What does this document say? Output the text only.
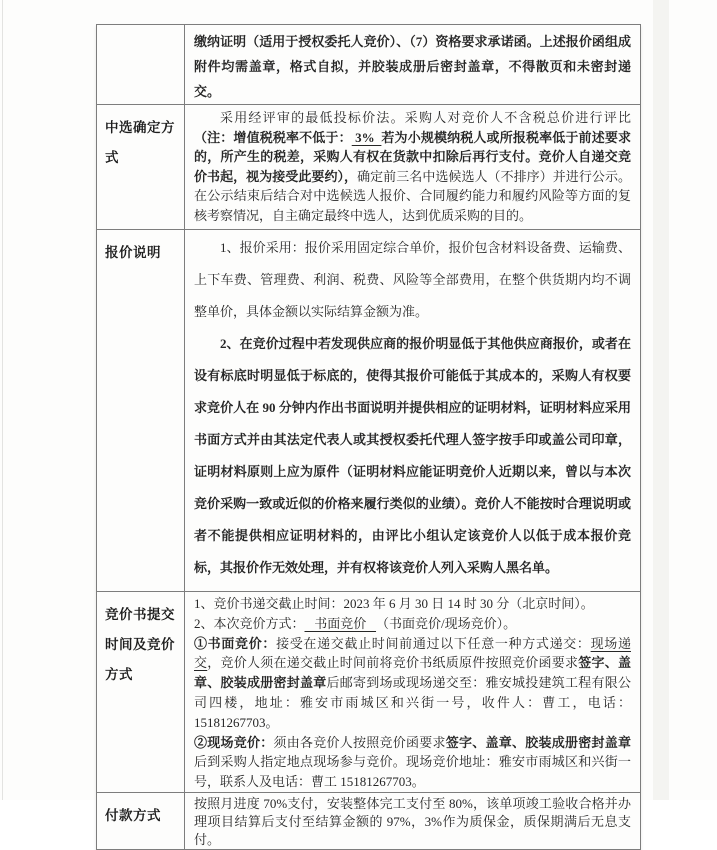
	缴纳证明（适用于授权委托人竞价）、（7）资格要求承诺函。上述报价函组成附件均需盖章，格式自拟，并胶装成册后密封盖章，不得散页和未密封递交。

中选确定方式	采用经评审的最低投标价法。采购人对竞价人不含税总价进行评比（注：增值税税率不低于： 3%  若为小规模纳税人或所报税率低于前述要求的，所产生的税差，采购人有权在货款中扣除后再行支付。竞价人自递交竞价书起，视为接受此要约），确定前三名中选候选人（不排序）并进行公示。在公示结束后结合对中选候选人报价、合同履约能力和履约风险等方面的复核考察情况，自主确定最终中选人，达到优质采购的目的。

报价说明	1、报价采用：报价采用固定综合单价，报价包含材料设备费、运输费、上下车费、管理费、利润、税费、风险等全部费用，在整个供货期内均不调整单价，具体金额以实际结算金额为准。
2、在竞价过程中若发现供应商的报价明显低于其他供应商报价，或者在设有标底时明显低于标底的，使得其报价可能低于其成本的，采购人有权要求竞价人在 90 分钟内作出书面说明并提供相应的证明材料，证明材料应采用书面方式并由其法定代表人或其授权委托代理人签字按手印或盖公司印章，证明材料原则上应为原件（证明材料应能证明竞价人近期以来，曾以与本次竞价采购一致或近似的价格来履行类似的业绩）。竞价人不能按时合理说明或者不能提供相应证明材料的，由评比小组认定该竞价人以低于成本报价竞标，其报价作无效处理，并有权将该竞价人列入采购人黑名单。

竞价书提交时间及竞价方式	1、竞价书递交截止时间：2023 年 6 月 30 日 14 时 30 分（北京时间）。
2、本次竞价方式：   书面竞价   （书面竞价/现场竞价）。
①书面竞价：接受在递交截止时间前通过以下任意一种方式递交：现场递交，竞价人须在递交截止时间前将竞价书纸质原件按照竞价函要求签字、盖章、胶装成册密封盖章后邮寄到场或现场递交至：雅安城投建筑工程有限公司四楼，地址：雅安市雨城区和兴街一号，收件人：曹工，电话：15181267703。
②现场竞价：须由各竞价人按照竞价函要求签字、盖章、胶装成册密封盖章后到采购人指定地点现场参与竞价。现场竞价地址：雅安市雨城区和兴街一号，联系人及电话：曹工 15181267703。

付款方式	按照月进度 70%支付，安装整体完工支付至 80%，该单项竣工验收合格并办理项目结算后支付至结算金额的 97%，3%作为质保金，质保期满后无息支付。
